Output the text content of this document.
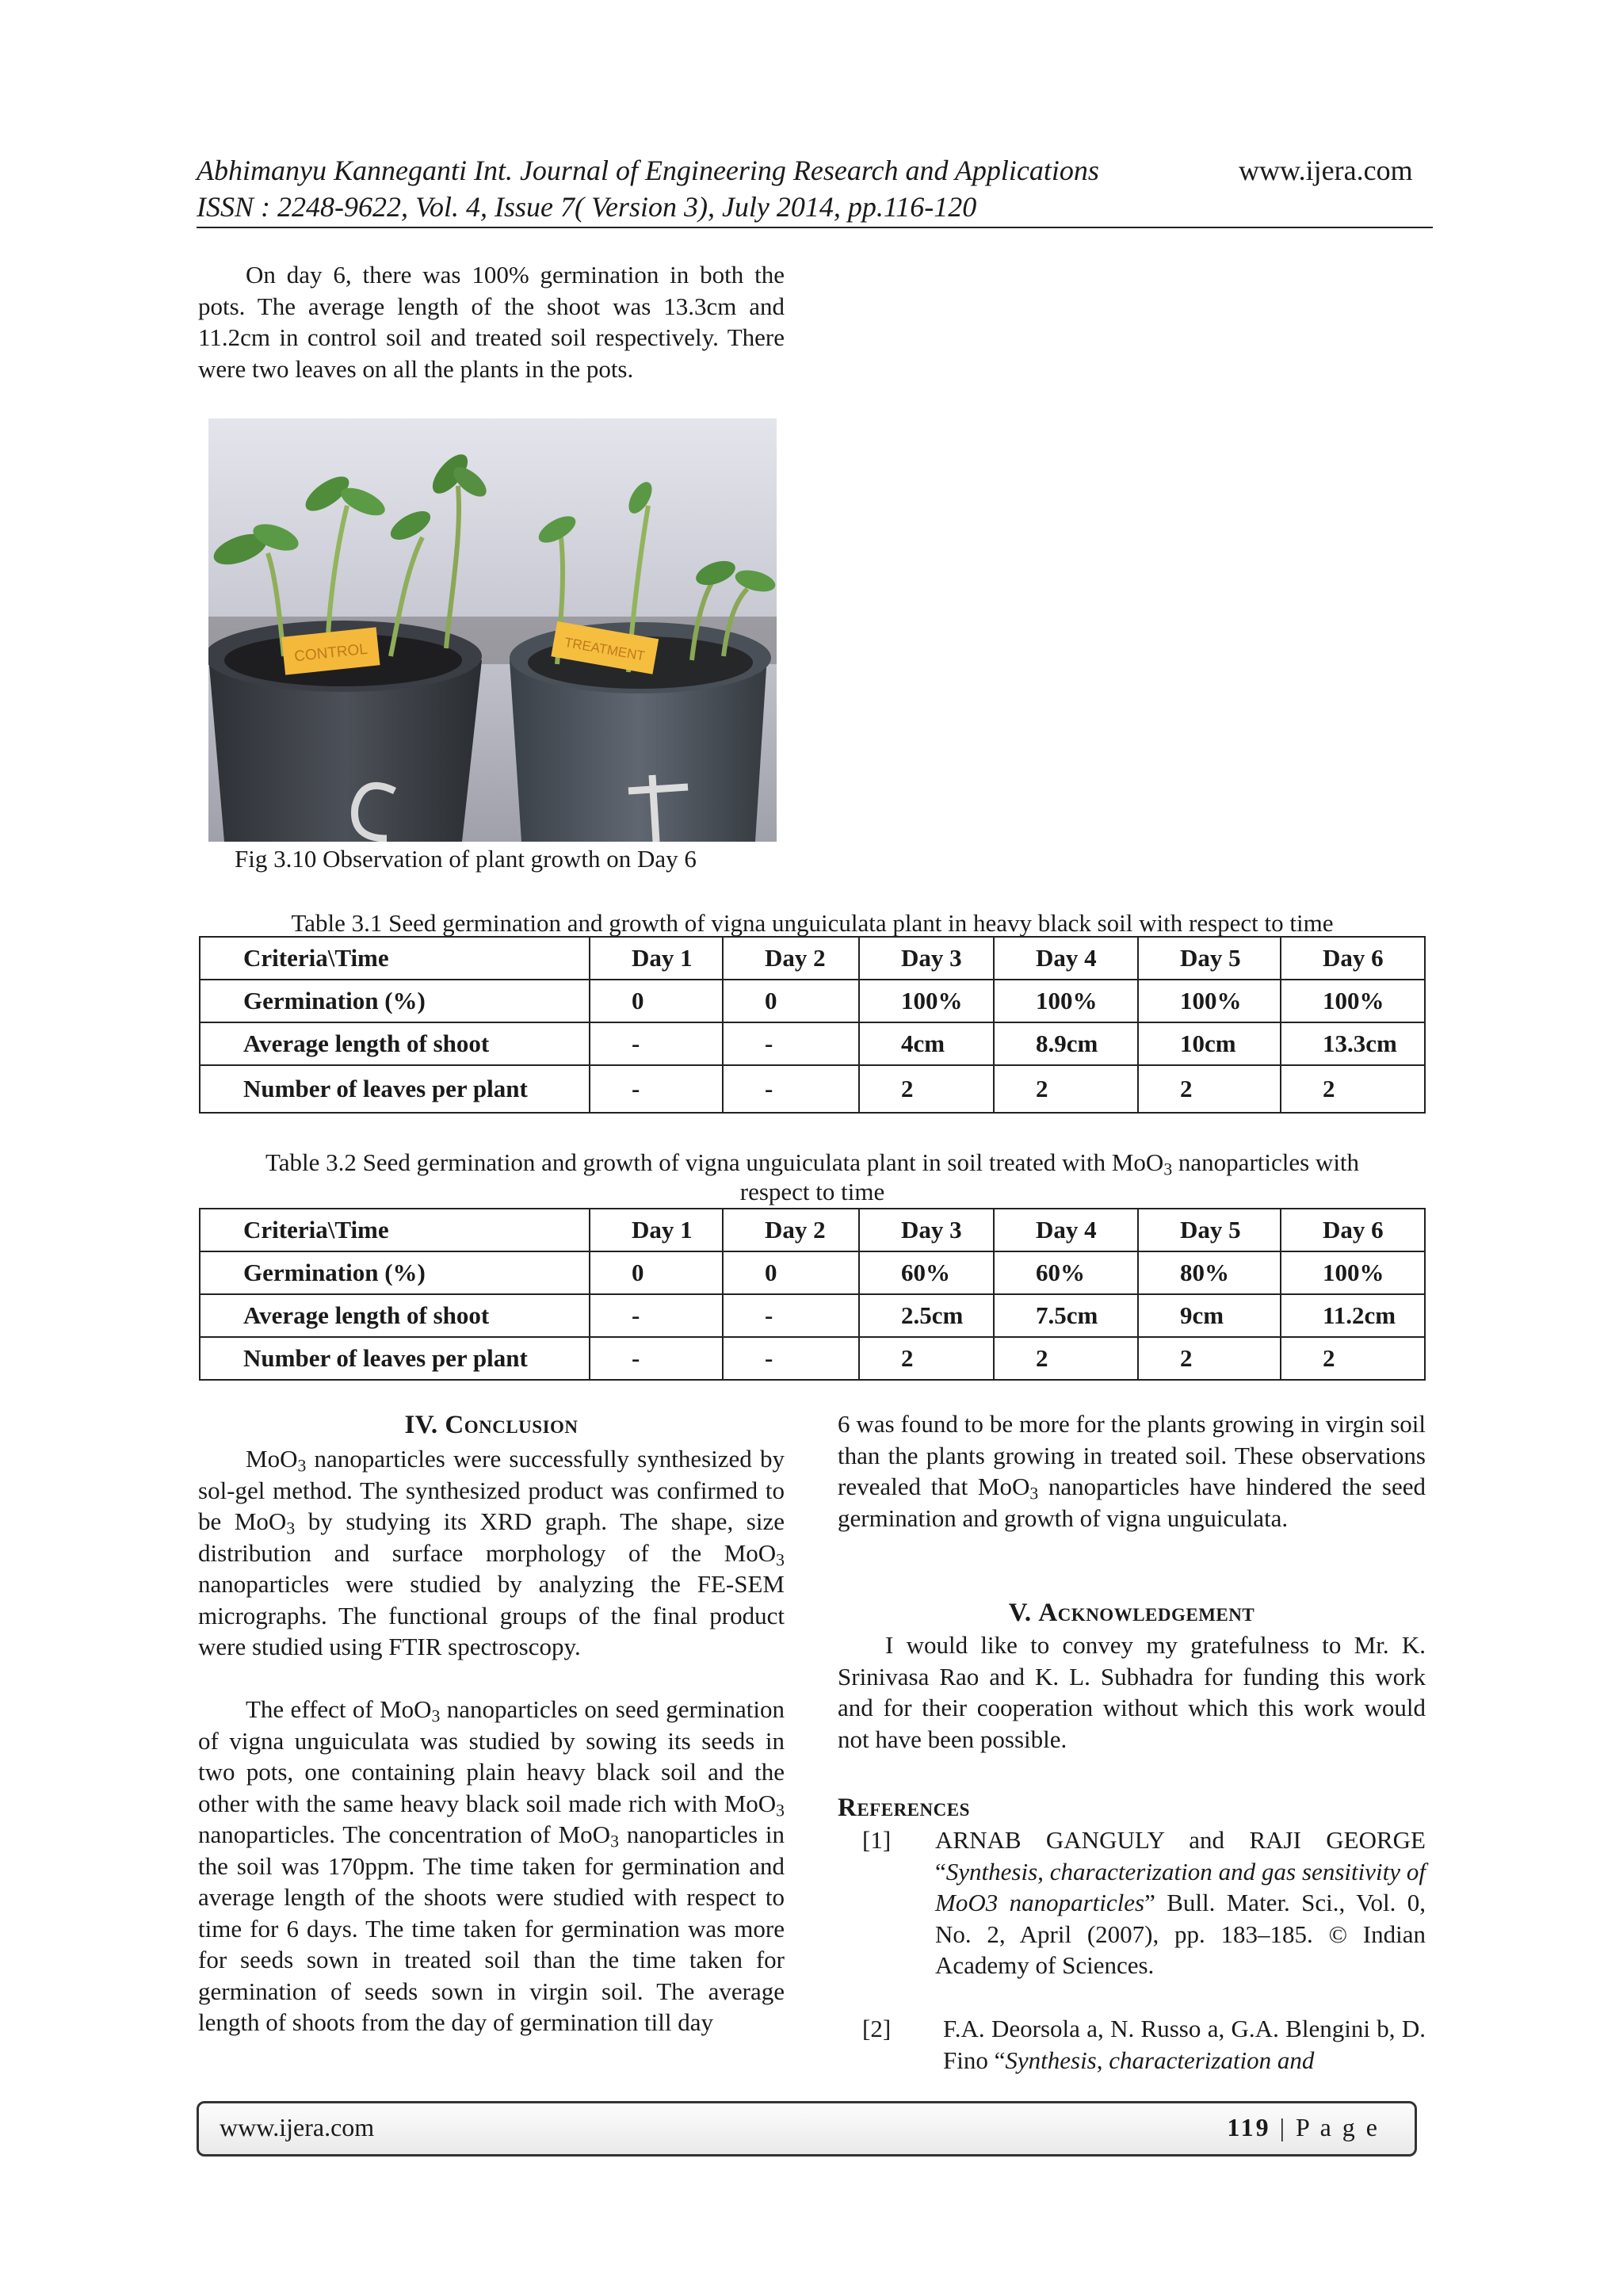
Abhimanyu Kanneganti Int. Journal of Engineering Research and Applications	www.ijera.com
ISSN : 2248-9622, Vol. 4, Issue 7( Version 3), July 2014, pp.116-120
On day 6, there was 100% germination in both the pots. The average length of the shoot was 13.3cm and 11.2cm in control soil and treated soil respectively. There were two leaves on all the plants in the pots.
CONTROL	TREATMENT
Fig 3.10 Observation of plant growth on Day 6
Table 3.1 Seed germination and growth of vigna unguiculata plant in heavy black soil with respect to time
Criteria\Time	Day 1	Day 2	Day 3	Day 4	Day 5	Day 6
Germination (%)	0	0	100%	100%	100%	100%
Average length of shoot	-	-	4cm	8.9cm	10cm	13.3cm
Number of leaves per plant	-	-	2	2	2	2
Table 3.2 Seed germination and growth of vigna unguiculata plant in soil treated with MoO$_3$ nanoparticles with
respect to time
Criteria\Time	Day 1	Day 2	Day 3	Day 4	Day 5	Day 6
Germination (%)	0	0	60%	60%	80%	100%
Average length of shoot	-	-	2.5cm	7.5cm	9cm	11.2cm
Number of leaves per plant	-	-	2	2	2	2
IV. Conclusion
MoO$_3$ nanoparticles were successfully synthesized by sol-gel method. The synthesized product was confirmed to be MoO$_3$ by studying its XRD graph. The shape, size distribution and surface morphology of the MoO$_3$ nanoparticles were studied by analyzing the FE-SEM micrographs. The functional groups of the final product were studied using FTIR spectroscopy.
The effect of MoO$_3$ nanoparticles on seed germination of vigna unguiculata was studied by sowing its seeds in two pots, one containing plain heavy black soil and the other with the same heavy black soil made rich with MoO$_3$ nanoparticles. The concentration of MoO$_3$ nanoparticles in the soil was 170ppm. The time taken for germination and average length of the shoots were studied with respect to time for 6 days. The time taken for germination was more for seeds sown in treated soil than the time taken for germination of seeds sown in virgin soil. The average length of shoots from the day of germination till day
6 was found to be more for the plants growing in virgin soil than the plants growing in treated soil. These observations revealed that MoO$_3$ nanoparticles have hindered the seed germination and growth of vigna unguiculata.
V. Acknowledgement
I would like to convey my gratefulness to Mr. K. Srinivasa Rao and K. L. Subhadra for funding this work and for their cooperation without which this work would not have been possible.
References
[1] ARNAB GANGULY and RAJI GEORGE “Synthesis, characterization and gas sensitivity of MoO3 nanoparticles” Bull. Mater. Sci., Vol. 0, No. 2, April (2007), pp. 183–185. © Indian Academy of Sciences.
[2] F.A. Deorsola a, N. Russo a, G.A. Blengini b, D. Fino “Synthesis, characterization and
www.ijera.com	119 | P a g e
